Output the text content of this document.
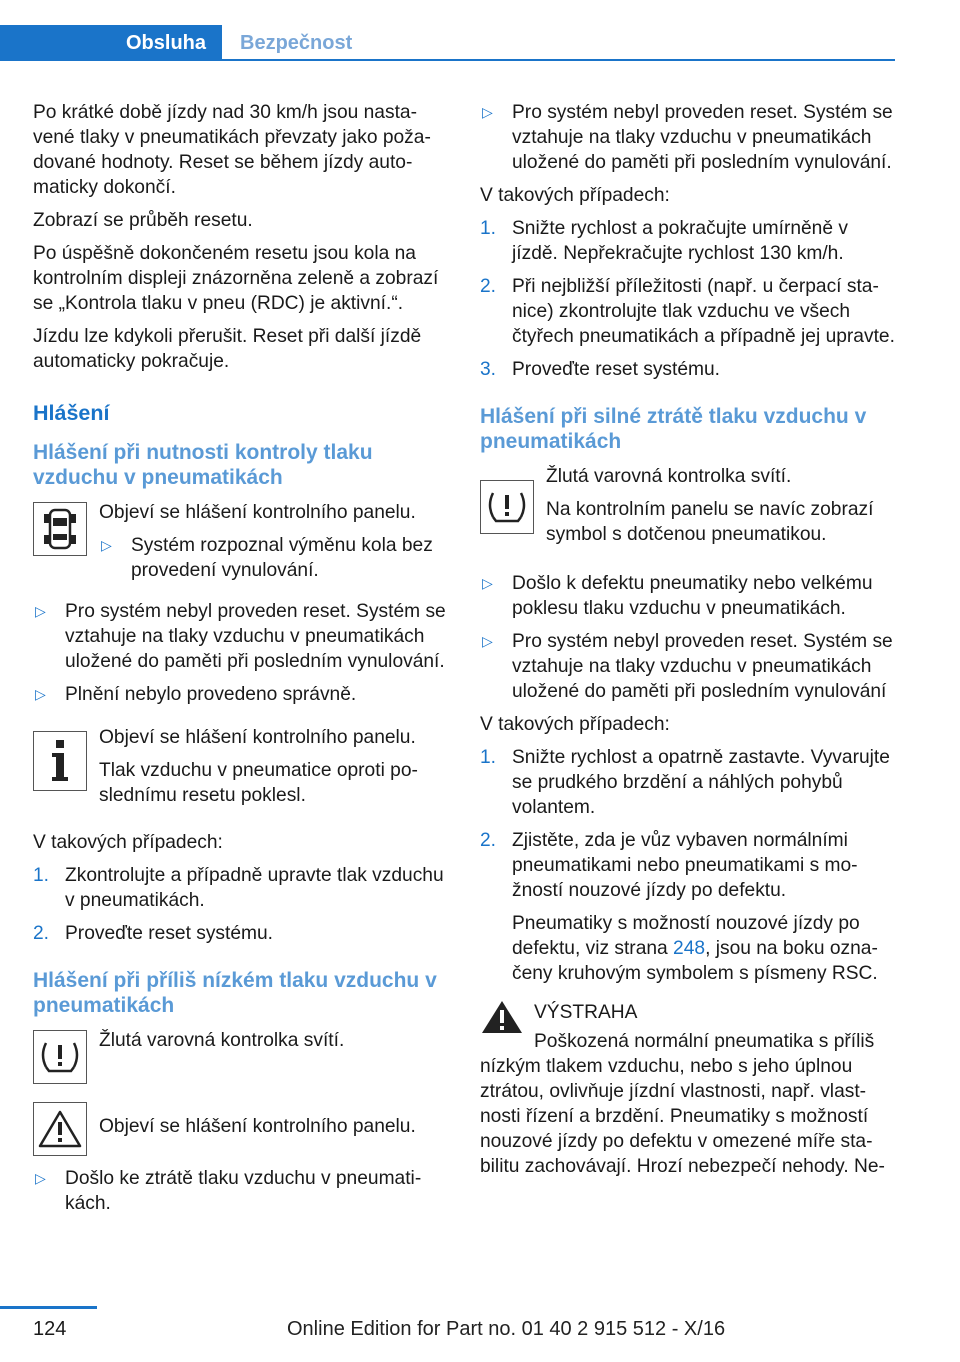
Obsluha	Bezpečnost

Po krátké době jízdy nad 30 km/h jsou nastavené tlaky v pneumatikách převzaty jako požadované hodnoty. Reset se během jízdy automaticky dokončí.

Zobrazí se průběh resetu.

Po úspěšně dokončeném resetu jsou kola na kontrolním displeji znázorněna zeleně a zobrazí se „Kontrola tlaku v pneu (RDC) je aktivní.“.

Jízdu lze kdykoli přerušit. Reset při další jízdě automaticky pokračuje.

Hlášení
Hlášení při nutnosti kontroly tlaku vzduchu v pneumatikách

Objeví se hlášení kontrolního panelu.

▷	Systém rozpoznal výměnu kola bez provedení vynulování.
▷	Pro systém nebyl proveden reset. Systém se vztahuje na tlaky vzduchu v pneumatikách uložené do paměti při posledním vynulování.
▷	Plnění nebylo provedeno správně.

Objeví se hlášení kontrolního panelu.

Tlak vzduchu v pneumatice oproti poslednímu resetu poklesl.

V takových případech:

1. Zkontrolujte a případně upravte tlak vzduchu v pneumatikách.
2. Proveďte reset systému.
Hlášení při příliš nízkém tlaku vzduchu v pneumatikách

Žlutá varovná kontrolka svítí.

Objeví se hlášení kontrolního panelu.

▷	Došlo ke ztrátě tlaku vzduchu v pneumatikách.
▷	Pro systém nebyl proveden reset. Systém se vztahuje na tlaky vzduchu v pneumatikách uložené do paměti při posledním vynulování.

V takových případech:

1. Snižte rychlost a pokračujte umírněně v jízdě. Nepřekračujte rychlost 130 km/h.
2. Při nejbližší příležitosti (např. u čerpací stanice) zkontrolujte tlak vzduchu ve všech čtyřech pneumatikách a případně jej upravte.
3. Proveďte reset systému.
Hlášení při silné ztrátě tlaku vzduchu v pneumatikách

Žlutá varovná kontrolka svítí.

Na kontrolním panelu se navíc zobrazí symbol s dotčenou pneumatikou.

▷	Došlo k defektu pneumatiky nebo velkému poklesu tlaku vzduchu v pneumatikách.
▷	Pro systém nebyl proveden reset. Systém se vztahuje na tlaky vzduchu v pneumatikách uložené do paměti při posledním vynulování

V takových případech:

1. Snižte rychlost a opatrně zastavte. Vyvarujte se prudkého brzdění a náhlých pohybů volantem.
2. Zjistěte, zda je vůz vybaven normálními pneumatikami nebo pneumatikami s možností nouzové jízdy po defektu.
Pneumatiky s možností nouzové jízdy po defektu, viz strana 248, jsou na boku označeny kruhovým symbolem s písmeny RSC.

VÝSTRAHA

Poškozená normální pneumatika s příliš

nízkým tlakem vzduchu, nebo s jeho úplnou ztrátou, ovlivňuje jízdní vlastnosti, např. vlastnosti řízení a brzdění. Pneumatiky s možností nouzové jízdy po defektu v omezené míře stabilitu zachovávají. Hrozí nebezpečí nehody. Ne-

124	Online Edition for Part no. 01 40 2 915 512 - X/16
